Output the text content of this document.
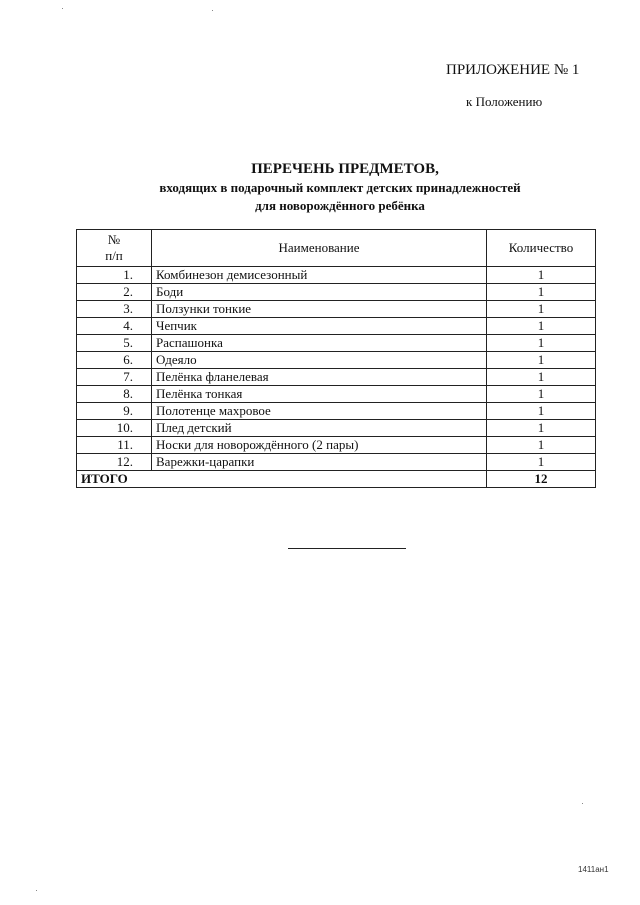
ПРИЛОЖЕНИЕ № 1
к Положению
ПЕРЕЧЕНЬ ПРЕДМЕТОВ,
входящих в подарочный комплект детских принадлежностей
для новорождённого ребёнка
№
п/п	Наименование	Количество
1.	Комбинезон демисезонный	1
2.	Боди	1
3.	Ползунки тонкие	1
4.	Чепчик	1
5.	Распашонка	1
6.	Одеяло	1
7.	Пелёнка фланелевая	1
8.	Пелёнка тонкая	1
9.	Полотенце махровое	1
10.	Плед детский	1
11.	Носки для новорождённого (2 пары)	1
12.	Варежки-царапки	1
ИТОГО		12
1411ан1
